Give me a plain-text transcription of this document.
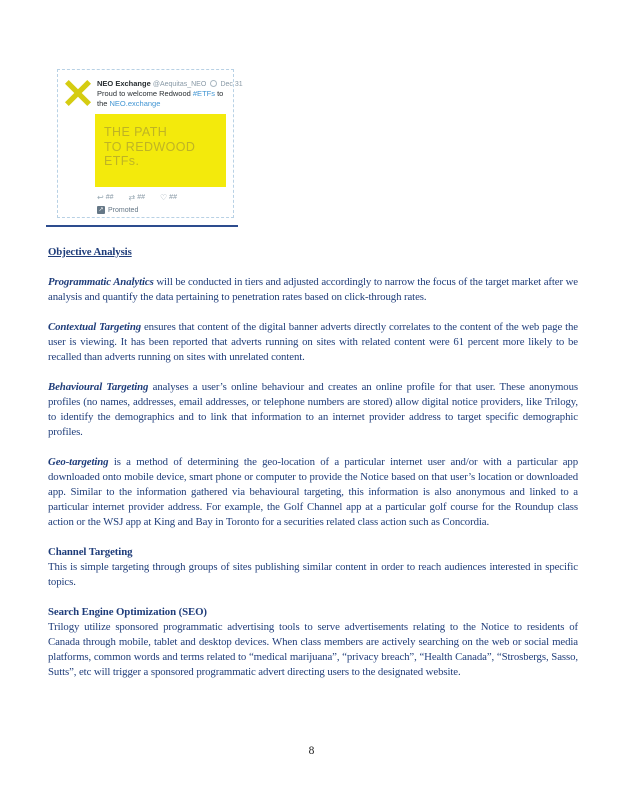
NEO Exchange @Aequitas_NEO Dec 31
Proud to welcome Redwood #ETFs to the NEO.exchange
THE PATH
TO REDWOOD
ETFs.
↩ ## ⇄ ## ♡ ##
↗ Promoted

Objective Analysis

Programmatic Analytics will be conducted in tiers and adjusted accordingly to narrow the focus of the target market after we analysis and quantify the data pertaining to penetration rates based on click-through rates.

Contextual Targeting ensures that content of the digital banner adverts directly correlates to the content of the web page the user is viewing. It has been reported that adverts running on sites with related content were 61 percent more likely to be recalled than adverts running on sites with unrelated content.

Behavioural Targeting analyses a user’s online behaviour and creates an online profile for that user. These anonymous profiles (no names, addresses, email addresses, or telephone numbers are stored) allow digital notice providers, like Trilogy, to identify the demographics and to link that information to an internet provider address to target specific demographic profiles.

Geo-targeting is a method of determining the geo-location of a particular internet user and/or with a particular app downloaded onto mobile device, smart phone or computer to provide the Notice based on that user’s location or downloaded app. Similar to the information gathered via behavioural targeting, this information is also anonymous and linked to a particular internet provider address. For example, the Golf Channel app at a particular golf course for the Roundup class action or the WSJ app at King and Bay in Toronto for a securities related class action such as Concordia.

Channel Targeting

This is simple targeting through groups of sites publishing similar content in order to reach audiences interested in specific topics.

Search Engine Optimization (SEO)

Trilogy utilize sponsored programmatic advertising tools to serve advertisements relating to the Notice to residents of Canada through mobile, tablet and desktop devices. When class members are actively searching on the web or social media platforms, common words and terms related to “medical marijuana”, “privacy breach”, “Health Canada”, “Strosbergs, Sasso, Sutts”, etc will trigger a sponsored programmatic advert directing users to the designated website.

8
